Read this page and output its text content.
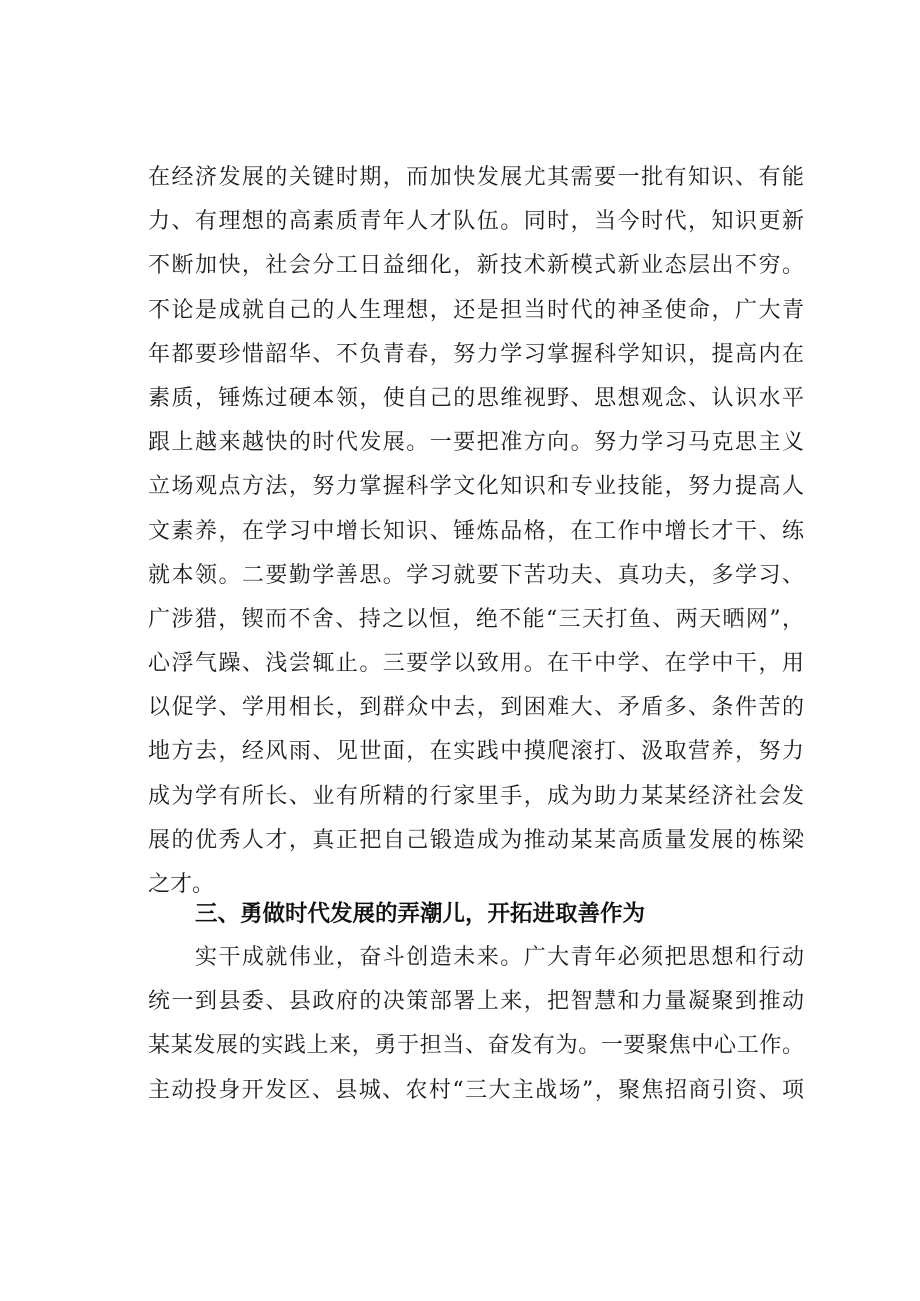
在经济发展的关键时期，而加快发展尤其需要一批有知识、有能
力、有理想的高素质青年人才队伍。同时，当今时代，知识更新
不断加快，社会分工日益细化，新技术新模式新业态层出不穷。
不论是成就自己的人生理想，还是担当时代的神圣使命，广大青
年都要珍惜韶华、不负青春，努力学习掌握科学知识，提高内在
素质，锤炼过硬本领，使自己的思维视野、思想观念、认识水平
跟上越来越快的时代发展。一要把准方向。努力学习马克思主义
立场观点方法，努力掌握科学文化知识和专业技能，努力提高人
文素养，在学习中增长知识、锤炼品格，在工作中增长才干、练
就本领。二要勤学善思。学习就要下苦功夫、真功夫，多学习、
广涉猎，锲而不舍、持之以恒，绝不能“三天打鱼、两天晒网”，
心浮气躁、浅尝辄止。三要学以致用。在干中学、在学中干，用
以促学、学用相长，到群众中去，到困难大、矛盾多、条件苦的
地方去，经风雨、见世面，在实践中摸爬滚打、汲取营养，努力
成为学有所长、业有所精的行家里手，成为助力某某经济社会发
展的优秀人才，真正把自己锻造成为推动某某高质量发展的栋梁
之才。
三、勇做时代发展的弄潮儿，开拓进取善作为
　　实干成就伟业，奋斗创造未来。广大青年必须把思想和行动
统一到县委、县政府的决策部署上来，把智慧和力量凝聚到推动
某某发展的实践上来，勇于担当、奋发有为。一要聚焦中心工作。
主动投身开发区、县城、农村“三大主战场”，聚焦招商引资、项
